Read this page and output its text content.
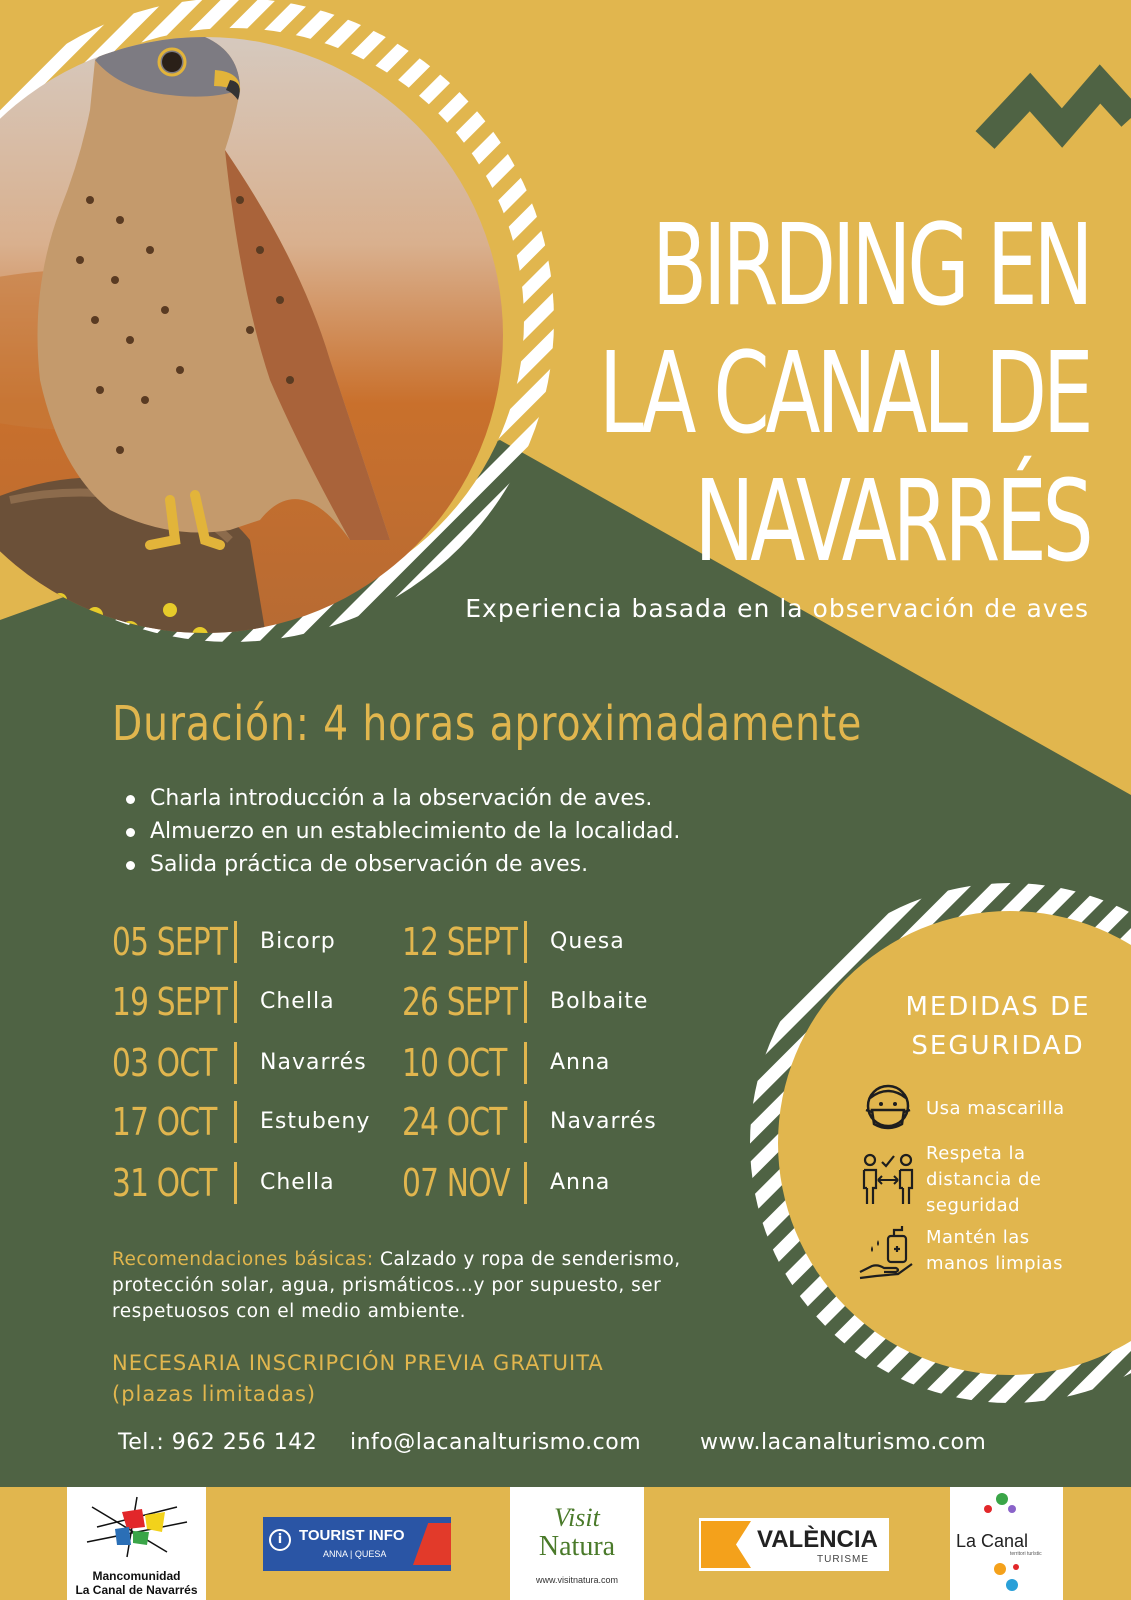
BIRDING EN
LA CANAL DE
NAVARRÉS
Experiencia basada en la observación de aves
Duración: 4 horas aproximadamente
Charla introducción a la observación de aves.
Almuerzo en un establecimiento de la localidad.
Salida práctica de observación de aves.
05 SEPT Bicorp 12 SEPT Quesa
19 SEPT Chella 26 SEPT Bolbaite
03 OCT Navarrés 10 OCT Anna
17 OCT Estubeny 24 OCT Navarrés
31 OCT Chella 07 NOV Anna
Recomendaciones básicas: Calzado y ropa de senderismo, protección solar, agua, prismáticos…y por supuesto, ser respetuosos con el medio ambiente.
NECESARIA INSCRIPCIÓN PREVIA GRATUITA
(plazas limitadas)
Tel.: 962 256 142 info@lacanalturismo.com	www.lacanalturismo.com
MEDIDAS DE
SEGURIDAD
Usa mascarilla
Respeta la distancia de seguridad
Mantén las manos limpias
Mancomunidad
La Canal de Navarrés
i	TOURIST INFO
ANNA | QUESA
Visit
Natura
www.visitnatura.com
VALÈNCIA
TURISME
La Canal
territori turístic
